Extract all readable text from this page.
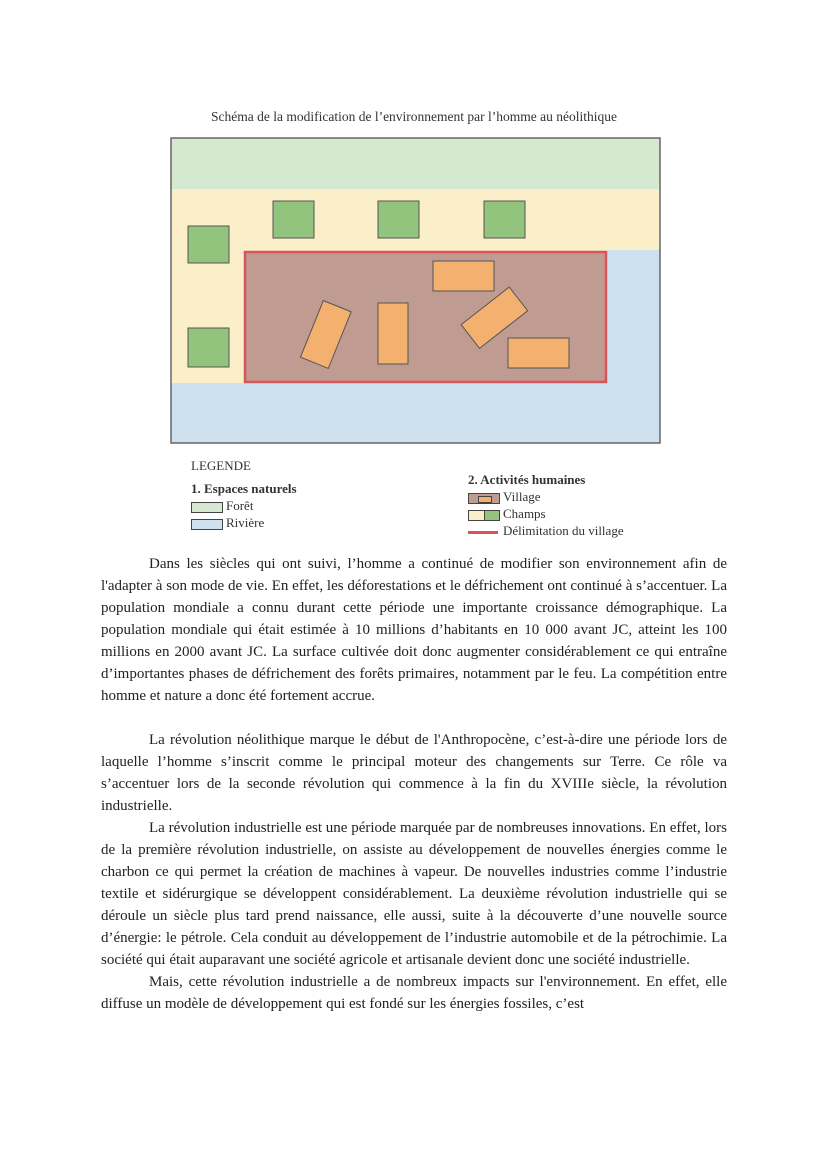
Schéma de la modification de l’environnement par l’homme au néolithique
LEGENDE
1. Espaces naturels
Forêt
Rivière
2. Activités humaines
Village
Champs
Délimitation du village

Dans les siècles qui ont suivi, l’homme a continué de modifier son environnement afin de l'adapter à son mode de vie. En effet, les déforestations et le défrichement ont continué à s’accentuer. La population mondiale a connu durant cette période une importante croissance démographique. La population mondiale qui était estimée à 10 millions d’habitants en 10 000 avant JC, atteint les 100 millions en 2000 avant JC. La surface cultivée doit donc augmenter considérablement ce qui entraîne d’importantes phases de défrichement des forêts primaires, notamment par le feu. La compétition entre homme et nature a donc été fortement accrue.

La révolution néolithique marque le début de l'Anthropocène, c’est-à-dire une période lors de laquelle l’homme s’inscrit comme le principal moteur des changements sur Terre. Ce rôle va s’accentuer lors de la seconde révolution qui commence à la fin du XVIIIe siècle, la révolution industrielle.

La révolution industrielle est une période marquée par de nombreuses innovations. En effet, lors de la première révolution industrielle, on assiste au développement de nouvelles énergies comme le charbon ce qui permet la création de machines à vapeur. De nouvelles industries comme l’industrie textile et sidérurgique se développent considérablement. La deuxième révolution industrielle qui se déroule un siècle plus tard prend naissance, elle aussi, suite à la découverte d’une nouvelle source d’énergie: le pétrole. Cela conduit au développement de l’industrie automobile et de la pétrochimie. La société qui était auparavant une société agricole et artisanale devient donc une société industrielle.

Mais, cette révolution industrielle a de nombreux impacts sur l'environnement. En effet, elle diffuse un modèle de développement qui est fondé sur les énergies fossiles, c’est
